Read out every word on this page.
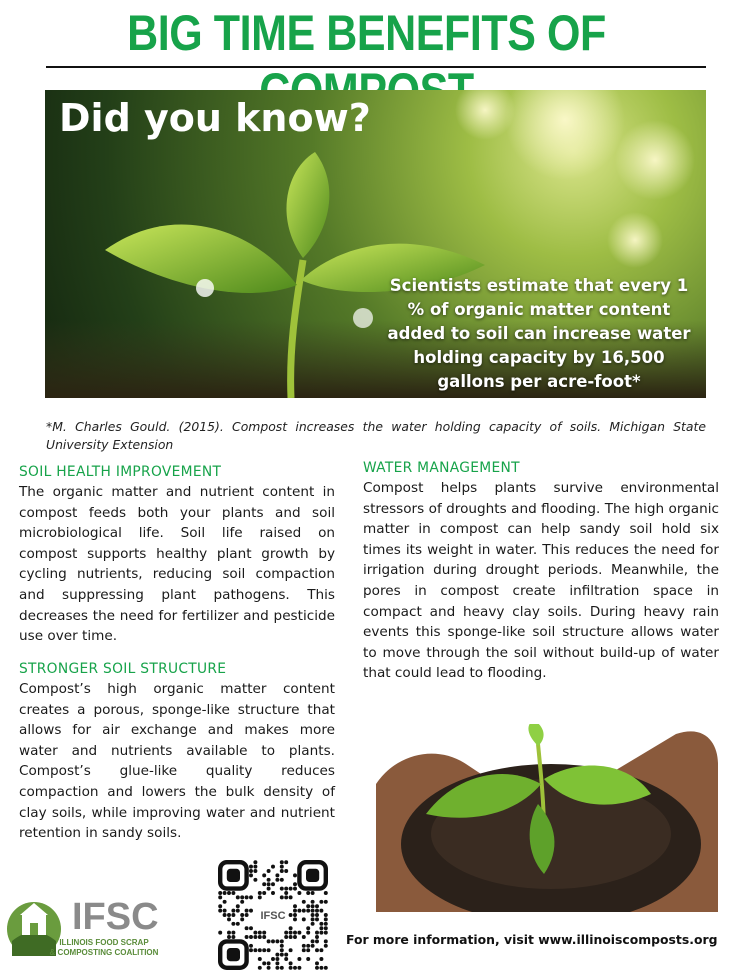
BIG TIME BENEFITS OF
Did you know?
Scientists estimate that every 1 % of organic matter content added to soil can increase water holding capacity by 16,500 gallons per acre-foot*
*M. Charles Gould. (2015). Compost increases the water holding capacity of soils. Michigan State University Extension
SOIL HEALTH IMPROVEMENT

The organic matter and nutrient content in compost feeds both your plants and soil microbiological life. Soil life raised on compost supports healthy plant growth by cycling nutrients, reducing soil compaction and suppressing plant pathogens. This decreases the need for fertilizer and pesticide use over time.

STRONGER SOIL STRUCTURE

Compost’s high organic matter content creates a porous, sponge-like structure that allows for air exchange and makes more water and nutrients available to plants. Compost’s glue-like quality reduces compaction and lowers the bulk density of clay soils, while improving water and nutrient retention in sandy soils.

WATER MANAGEMENT

Compost helps plants survive environmental stressors of droughts and flooding. The high organic matter in compost can help sandy soil hold six times its weight in water. This reduces the need for irrigation during drought periods. Meanwhile, the pores in compost create infiltration space in compact and heavy clay soils. During heavy rain events this sponge-like soil structure allows water to move through the soil without build-up of water that could lead to flooding.

IFSC
ILLINOIS FOOD SCRAP
& COMPOSTING COALITION
IFSC
For more information, visit www.illinoiscomposts.org
